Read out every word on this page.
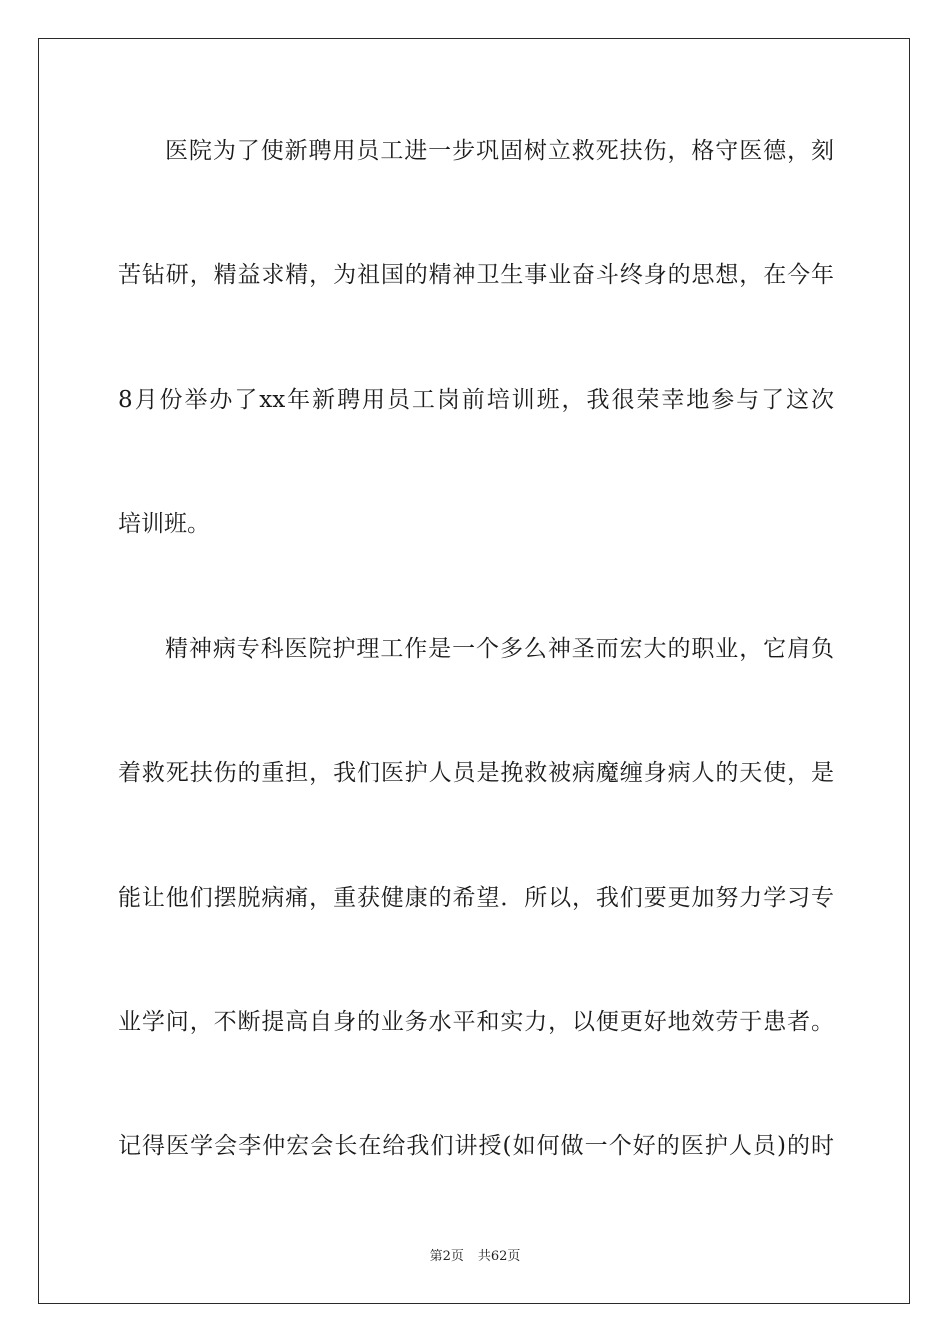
医院为了使新聘用员工进一步巩固树立救死扶伤，格守医德，刻
苦钻研，精益求精，为祖国的精神卫生事业奋斗终身的思想，在今年
8月份举办了xx年新聘用员工岗前培训班，我很荣幸地参与了这次
培训班。
精神病专科医院护理工作是一个多么神圣而宏大的职业，它肩负
着救死扶伤的重担，我们医护人员是挽救被病魔缠身病人的天使，是
能让他们摆脱病痛，重获健康的希望．所以，我们要更加努力学习专
业学问，不断提高自身的业务水平和实力，以便更好地效劳于患者。
记得医学会李仲宏会长在给我们讲授(如何做一个好的医护人员)的时
第2页 共62页
